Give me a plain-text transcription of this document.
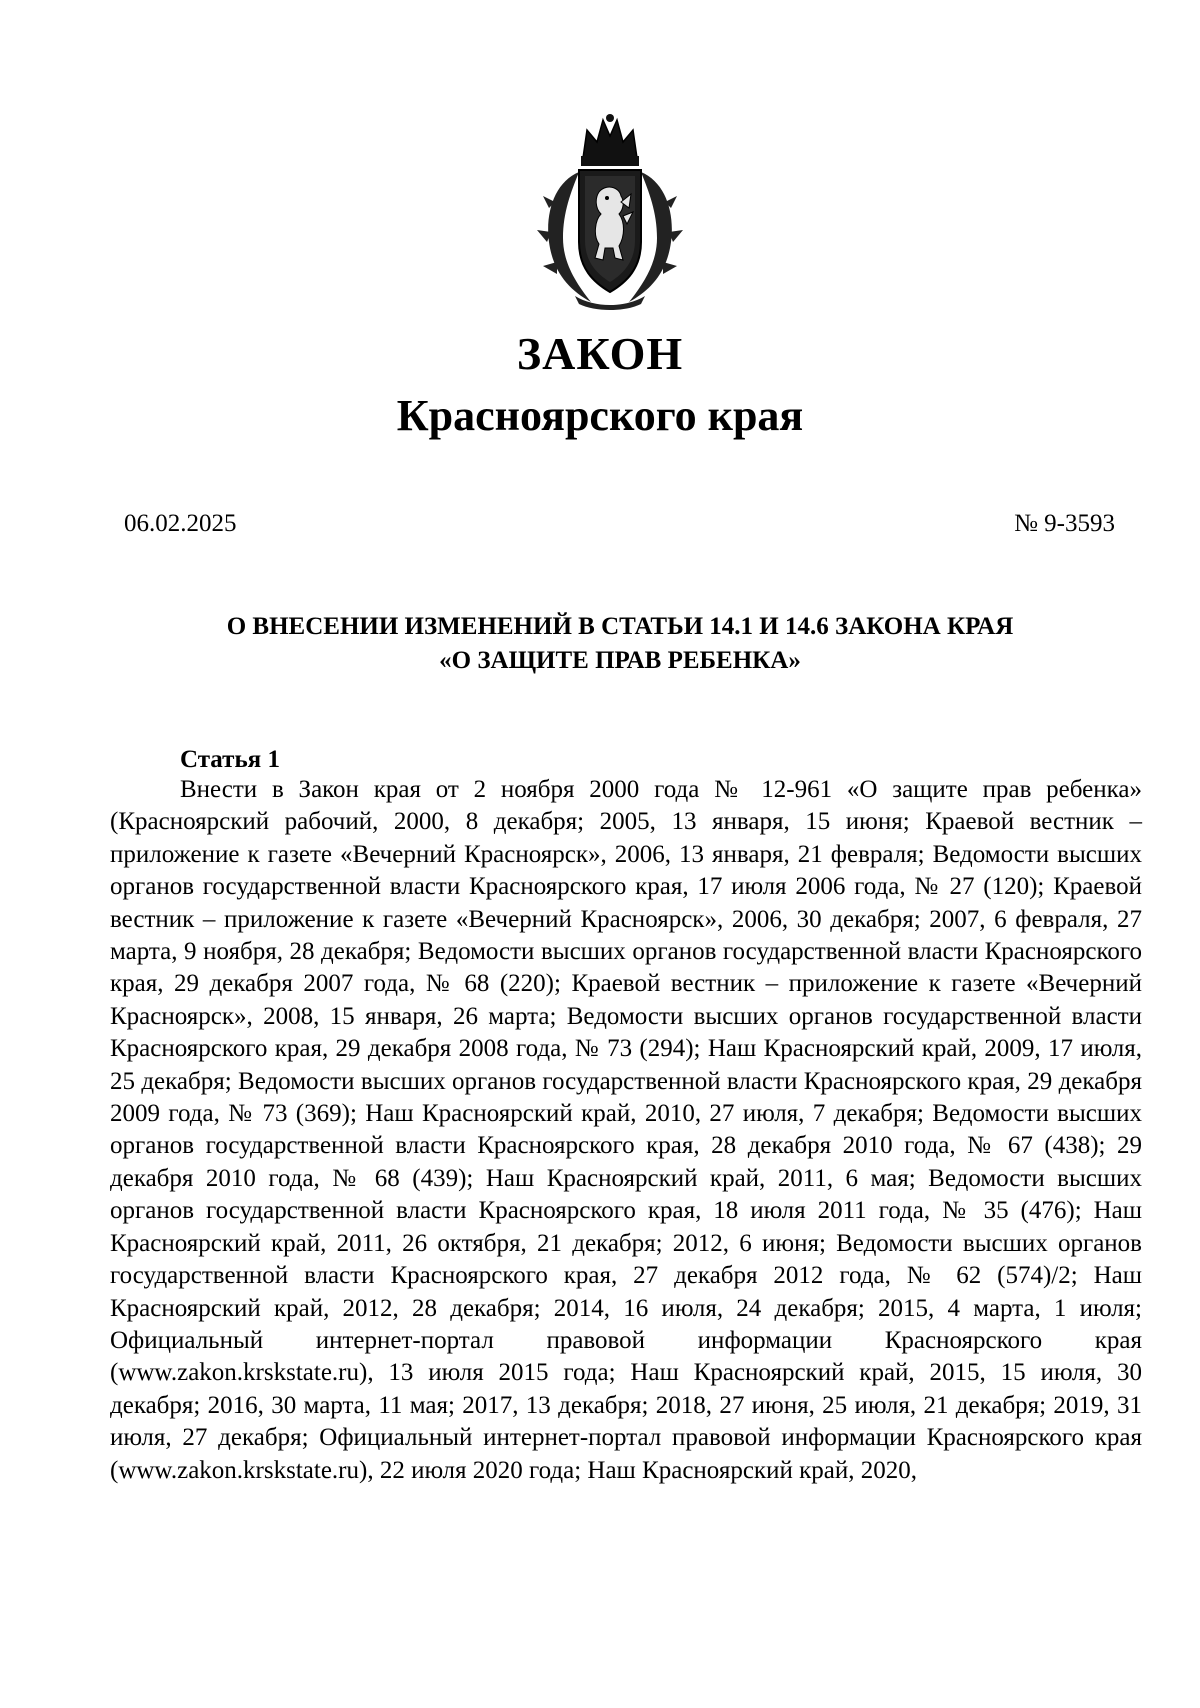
ЗАКОН
Красноярского края
06.02.2025	№ 9-3593
О ВНЕСЕНИИ ИЗМЕНЕНИЙ В СТАТЬИ 14.1 И 14.6 ЗАКОНА КРАЯ
«О ЗАЩИТЕ ПРАВ РЕБЕНКА»
Статья 1

Внести в Закон края от 2 ноября 2000 года № 12-961 «О защите прав ребенка» (Красноярский рабочий, 2000, 8 декабря; 2005, 13 января, 15 июня; Краевой вестник – приложение к газете «Вечерний Красноярск», 2006, 13 января, 21 февраля; Ведомости высших органов государственной власти Красноярского края, 17 июля 2006 года, № 27 (120); Краевой вестник – приложение к газете «Вечерний Красноярск», 2006, 30 декабря; 2007, 6 февраля, 27 марта, 9 ноября, 28 декабря; Ведомости высших органов государственной власти Красноярского края, 29 декабря 2007 года, № 68 (220); Краевой вестник – приложение к газете «Вечерний Красноярск», 2008, 15 января, 26 марта; Ведомости высших органов государственной власти Красноярского края, 29 декабря 2008 года, № 73 (294); Наш Красноярский край, 2009, 17 июля, 25 декабря; Ведомости высших органов государственной власти Красноярского края, 29 декабря 2009 года, № 73 (369); Наш Красноярский край, 2010, 27 июля, 7 декабря; Ведомости высших органов государственной власти Красноярского края, 28 декабря 2010 года, № 67 (438); 29 декабря 2010 года, № 68 (439); Наш Красноярский край, 2011, 6 мая; Ведомости высших органов государственной власти Красноярского края, 18 июля 2011 года, № 35 (476); Наш Красноярский край, 2011, 26 октября, 21 декабря; 2012, 6 июня; Ведомости высших органов государственной власти Красноярского края, 27 декабря 2012 года, № 62 (574)/2; Наш Красноярский край, 2012, 28 декабря; 2014, 16 июля, 24 декабря; 2015, 4 марта, 1 июля; Официальный интернет-портал правовой информации Красноярского края (www.zakon.krskstate.ru), 13 июля 2015 года; Наш Красноярский край, 2015, 15 июля, 30 декабря; 2016, 30 марта, 11 мая; 2017, 13 декабря; 2018, 27 июня, 25 июля, 21 декабря; 2019, 31 июля, 27 декабря; Официальный интернет-портал правовой информации Красноярского края (www.zakon.krskstate.ru), 22 июля 2020 года; Наш Красноярский край, 2020,
